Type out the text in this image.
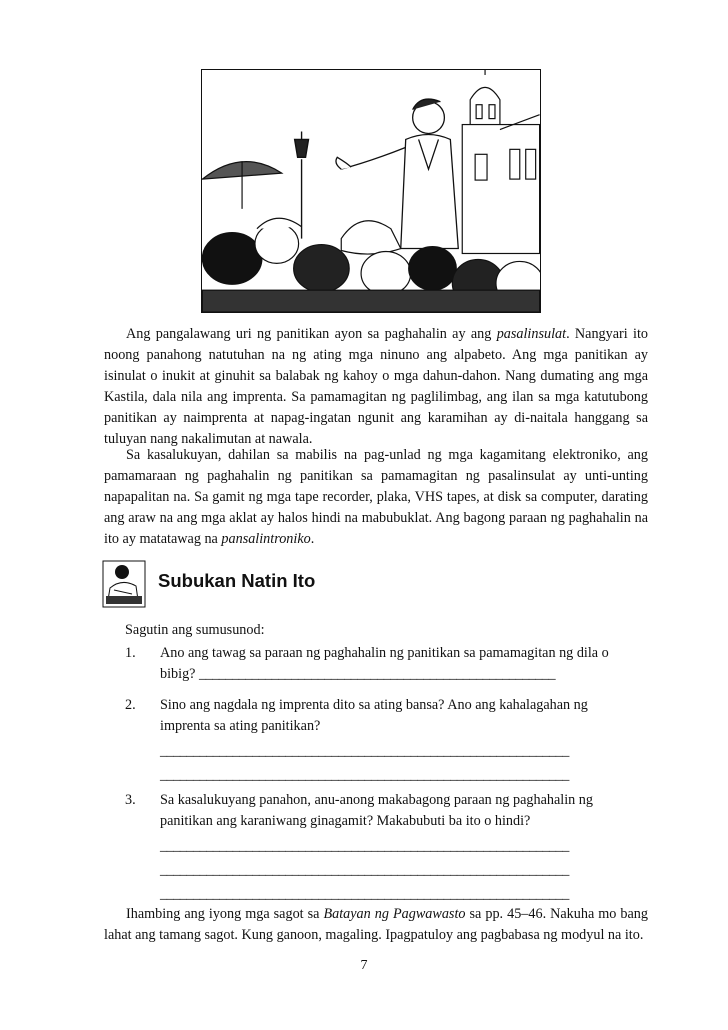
Ang pangalawang uri ng panitikan ayon sa paghahalin ay ang pasalinsulat. Nangyari ito noong panahong natutuhan na ng ating mga ninuno ang alpabeto. Ang mga panitikan ay isinulat o inukit at ginuhit sa balabak ng kahoy o mga dahun-dahon. Nang dumating ang mga Kastila, dala nila ang imprenta. Sa pamamagitan ng paglilimbag, ang ilan sa mga katutubong panitikan ay naimprenta at napag-ingatan ngunit ang karamihan ay di-naitala hanggang sa tuluyan nang nakalimutan at nawala.

Sa kasalukuyan, dahilan sa mabilis na pag-unlad ng mga kagamitang elektroniko, ang pamamaraan ng paghahalin ng panitikan sa pamamagitan ng pasalinsulat ay unti-unting napapalitan na. Sa gamit ng mga tape recorder, plaka, VHS tapes, at disk sa computer, darating ang araw na ang mga aklat ay halos hindi na mabubuklat. Ang bagong paraan ng paghahalin na ito ay matatawag na pansalintroniko.

Subukan Natin Ito
Sagutin ang sumusunod:
1.	Ano ang tawag sa paraan ng paghahalin ng panitikan sa pamamagitan ng dila o bibig? ______________________________________________________
2.	Sino ang nagdala ng imprenta dito sa ating bansa? Ano ang kahalagahan ng imprenta sa ating panitikan?
______________________________________________________________
______________________________________________________________
3.	Sa kasalukuyang panahon, anu-anong makabagong paraan ng paghahalin ng panitikan ang karaniwang ginagamit? Makabubuti ba ito o hindi?
______________________________________________________________
______________________________________________________________
______________________________________________________________

Ihambing ang iyong mga sagot sa Batayan ng Pagwawasto sa pp. 45–46. Nakuha mo bang lahat ang tamang sagot. Kung ganoon, magaling. Ipagpatuloy ang pagbabasa ng modyul na ito.

7
